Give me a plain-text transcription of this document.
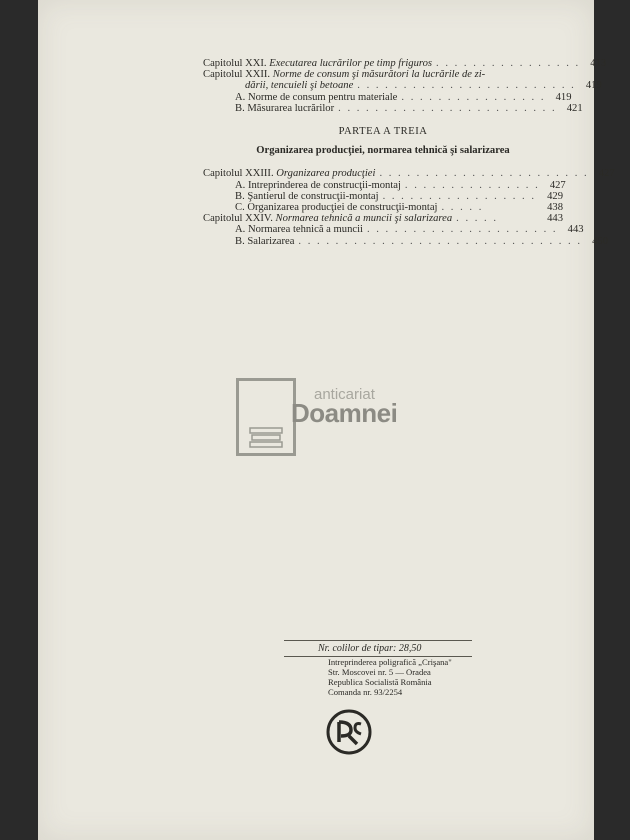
Capitolul XXI. Executarea lucrărilor pe timp friguros . . . . . . . . . . . . . . . . 413
Capitolul XXII. Norme de consum şi măsurători la lucrările de zi-
dării, tencuieli şi betoane . . . . . . . . . . . . . . . . . . . . . . . . 419
A. Norme de consum pentru materiale . . . . . . . . . . . . . . . . 419
B. Măsurarea lucrărilor . . . . . . . . . . . . . . . . . . . . . . . . 421
PARTEA A TREIA
Organizarea producţiei, normarea tehnică şi salarizarea
Capitolul XXIII. Organizarea producţiei . . . . . . . . . . . . . . . . . . . . . . . 427
A. Intreprinderea de construcţii-montaj . . . . . . . . . . . . . . . 427
B. Şantierul de construcţii-montaj . . . . . . . . . . . . . . . . .	429
C. Organizarea producţiei de construcţii-montaj . . . . .	438
Capitolul XXIV. Normarea tehnică a muncii şi salarizarea . . . . .	443
A. Normarea tehnică a muncii . . . . . . . . . . . . . . . . . . . . . 443
B. Salarizarea . . . . . . . . . . . . . . . . . . . . . . . . . . . . . . . 450
anticariat
Doamnei
Nr. colilor de tipar: 28,50
Intreprinderea poligrafică „Crişana"
Str. Moscovei nr. 5 — Oradea
Republica Socialistă România
Comanda nr. 93/2254
